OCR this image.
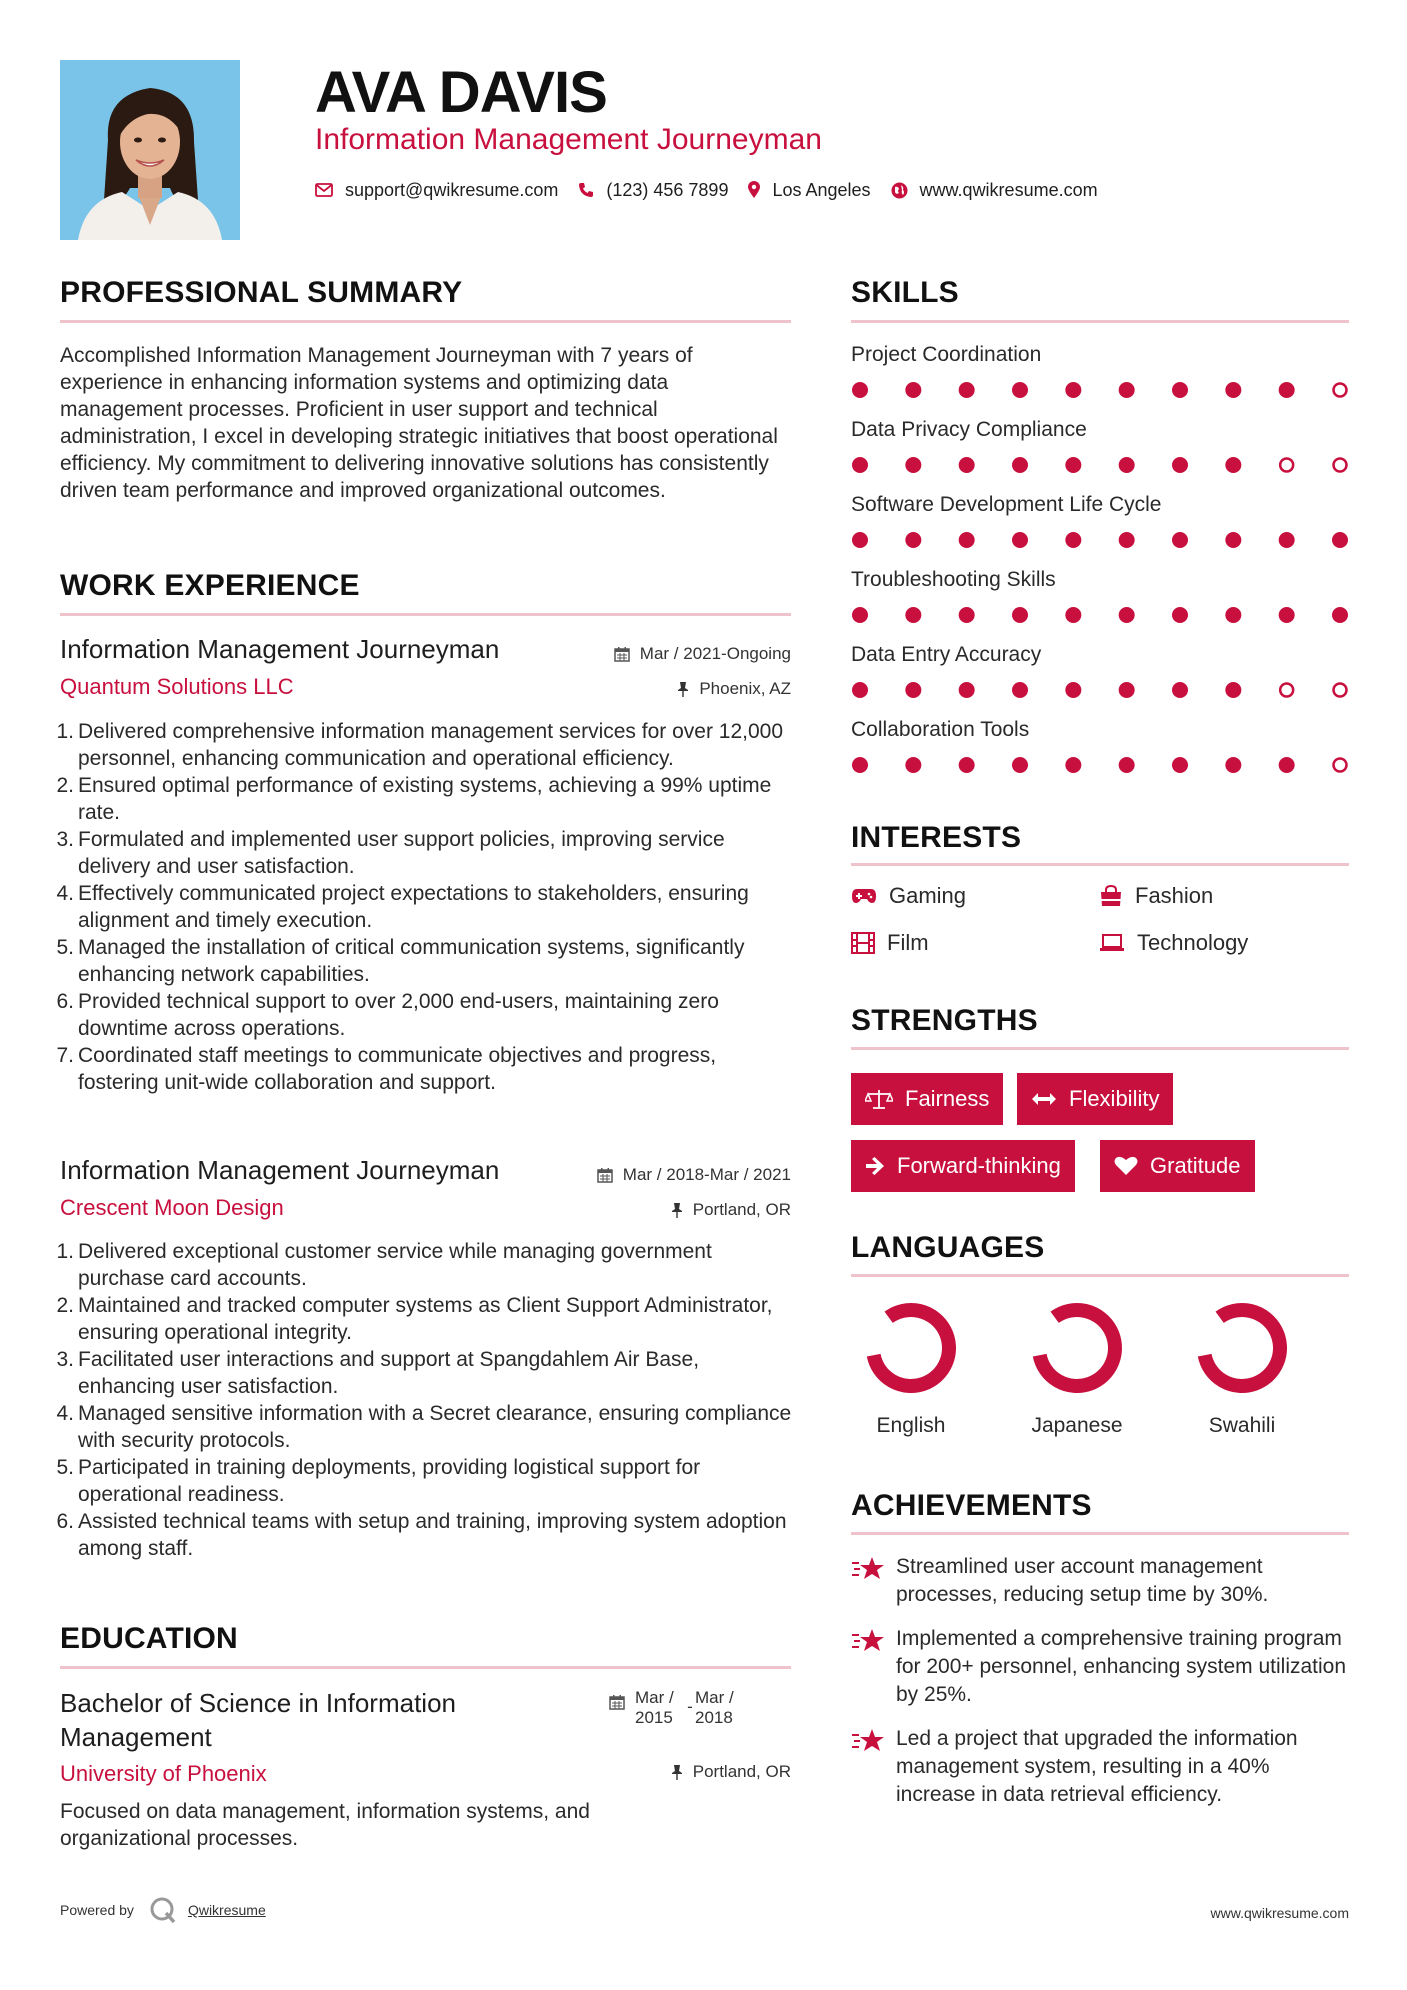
AVA DAVIS
Information Management Journeyman
support@qwikresume.com	(123) 456 7899 Los Angeles	www.qwikresume.com
PROFESSIONAL SUMMARY
Accomplished Information Management Journeyman with 7 years of experience in enhancing information systems and optimizing data management processes. Proficient in user support and technical administration, I excel in developing strategic initiatives that boost operational efficiency. My commitment to delivering innovative solutions has consistently driven team performance and improved organizational outcomes.
WORK EXPERIENCE
Information Management Journeyman	Mar / 2021-Ongoing
Quantum Solutions LLC	Phoenix, AZ
1. Delivered comprehensive information management services for over 12,000 personnel, enhancing communication and operational efficiency.
2. Ensured optimal performance of existing systems, achieving a 99% uptime rate.
3. Formulated and implemented user support policies, improving service delivery and user satisfaction.
4. Effectively communicated project expectations to stakeholders, ensuring alignment and timely execution.
5. Managed the installation of critical communication systems, significantly enhancing network capabilities.
6. Provided technical support to over 2,000 end-users, maintaining zero downtime across operations.
7. Coordinated staff meetings to communicate objectives and progress, fostering unit-wide collaboration and support.
Information Management Journeyman	Mar / 2018-Mar / 2021
Crescent Moon Design	Portland, OR
1. Delivered exceptional customer service while managing government purchase card accounts.
2. Maintained and tracked computer systems as Client Support Administrator, ensuring operational integrity.
3. Facilitated user interactions and support at Spangdahlem Air Base, enhancing user satisfaction.
4. Managed sensitive information with a Secret clearance, ensuring compliance with security protocols.
5. Participated in training deployments, providing logistical support for operational readiness.
6. Assisted technical teams with setup and training, improving system adoption among staff.
EDUCATION
Bachelor of Science in Information Management
Mar / 2015
- Mar / 2018
University of Phoenix	Portland, OR
Focused on data management, information systems, and organizational processes.
SKILLS
Project Coordination
Data Privacy Compliance
Software Development Life Cycle
Troubleshooting Skills
Data Entry Accuracy
Collaboration Tools
INTERESTS
Gaming	Fashion
Film	Technology
STRENGTHS
Fairness	Flexibility
Forward-thinking	Gratitude
LANGUAGES
English	Japanese	Swahili
ACHIEVEMENTS
Streamlined user account management processes, reducing setup time by 30%.
Implemented a comprehensive training program for 200+ personnel, enhancing system utilization by 25%.
Led a project that upgraded the information management system, resulting in a 40% increase in data retrieval efficiency.
Powered by	Qwikresume	www.qwikresume.com
